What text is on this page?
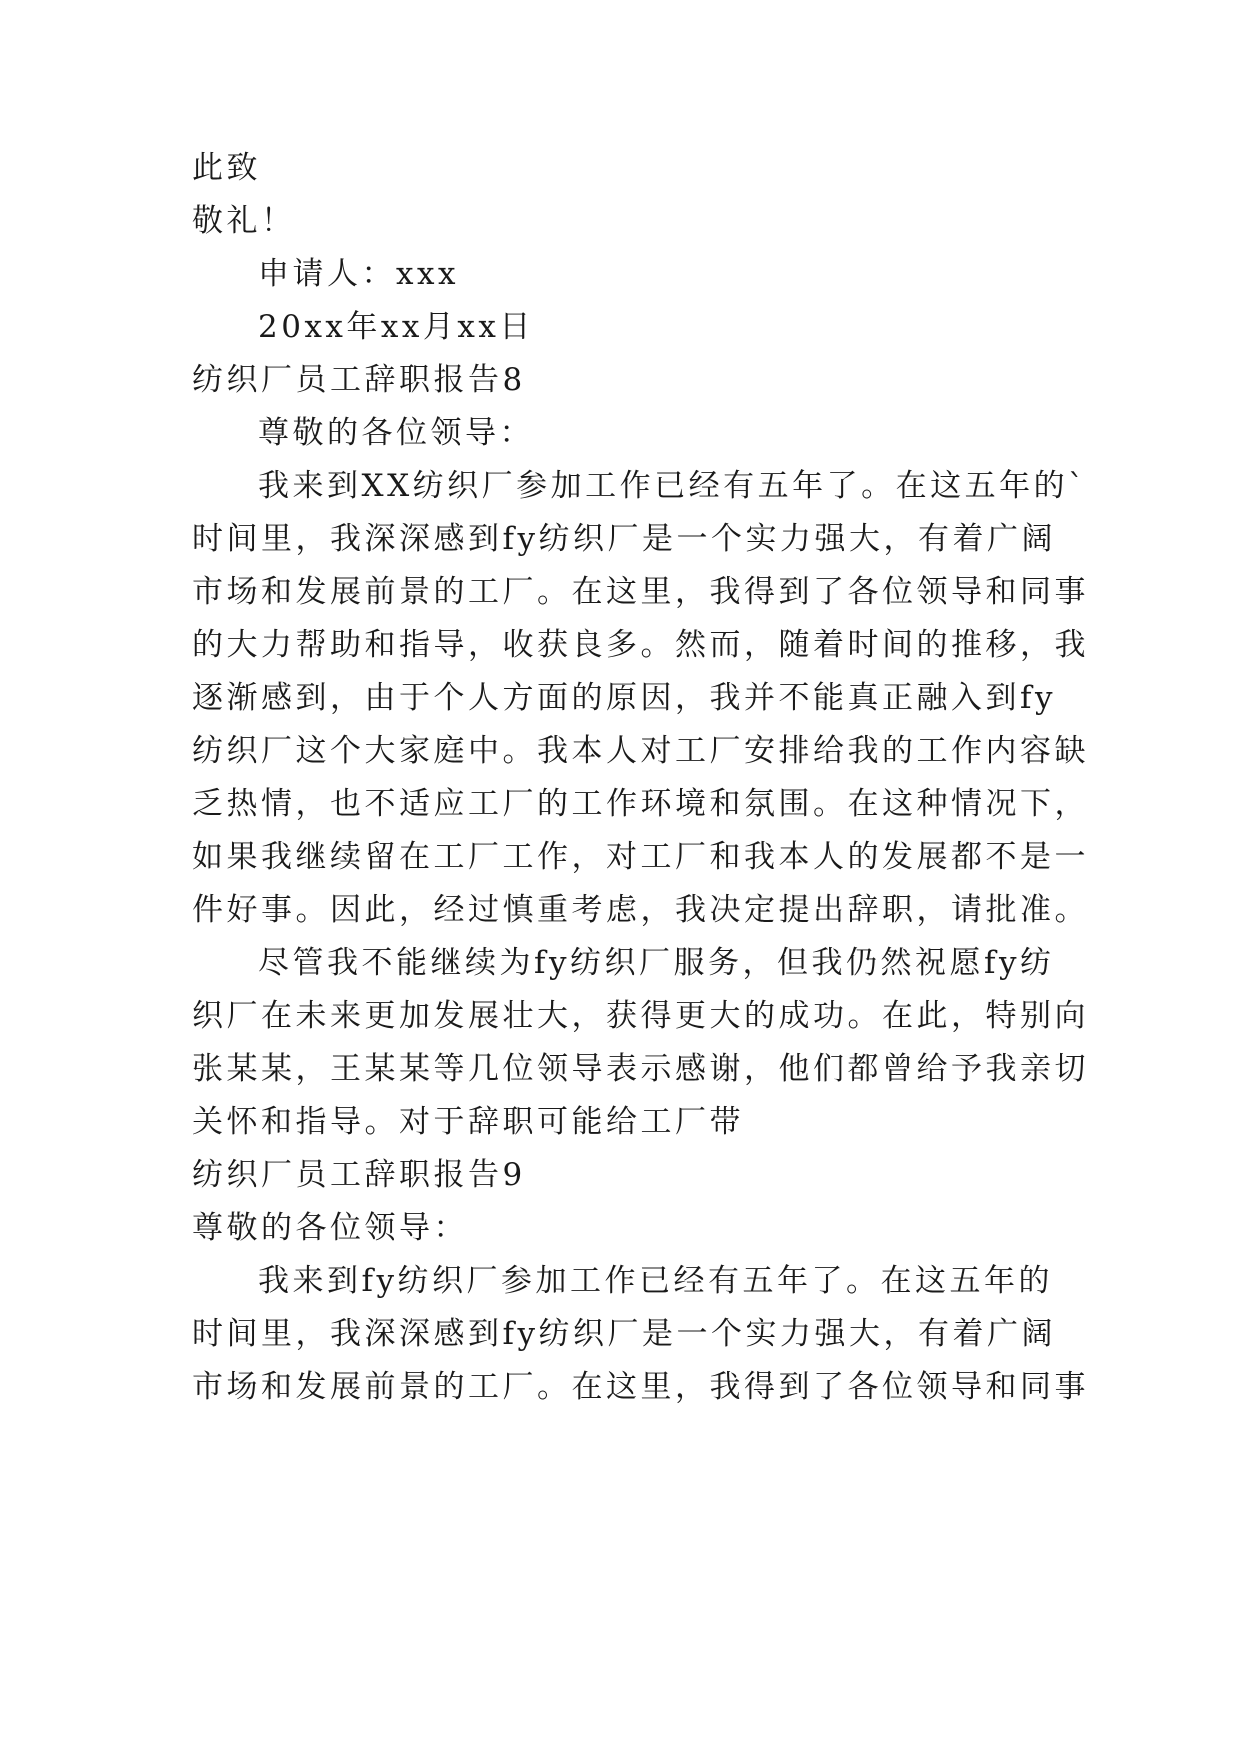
此致
敬礼！
申请人：xxx
20xx年xx月xx日
纺织厂员工辞职报告8
尊敬的各位领导：
我来到XX纺织厂参加工作已经有五年了。在这五年的`
时间里，我深深感到fy纺织厂是一个实力强大，有着广阔
市场和发展前景的工厂。在这里，我得到了各位领导和同事
的大力帮助和指导，收获良多。然而，随着时间的推移，我
逐渐感到，由于个人方面的原因，我并不能真正融入到fy
纺织厂这个大家庭中。我本人对工厂安排给我的工作内容缺
乏热情，也不适应工厂的工作环境和氛围。在这种情况下，
如果我继续留在工厂工作，对工厂和我本人的发展都不是一
件好事。因此，经过慎重考虑，我决定提出辞职，请批准。
尽管我不能继续为fy纺织厂服务，但我仍然祝愿fy纺
织厂在未来更加发展壮大，获得更大的成功。在此，特别向
张某某，王某某等几位领导表示感谢，他们都曾给予我亲切
关怀和指导。对于辞职可能给工厂带
纺织厂员工辞职报告9
尊敬的各位领导：
我来到fy纺织厂参加工作已经有五年了。在这五年的
时间里，我深深感到fy纺织厂是一个实力强大，有着广阔
市场和发展前景的工厂。在这里，我得到了各位领导和同事
